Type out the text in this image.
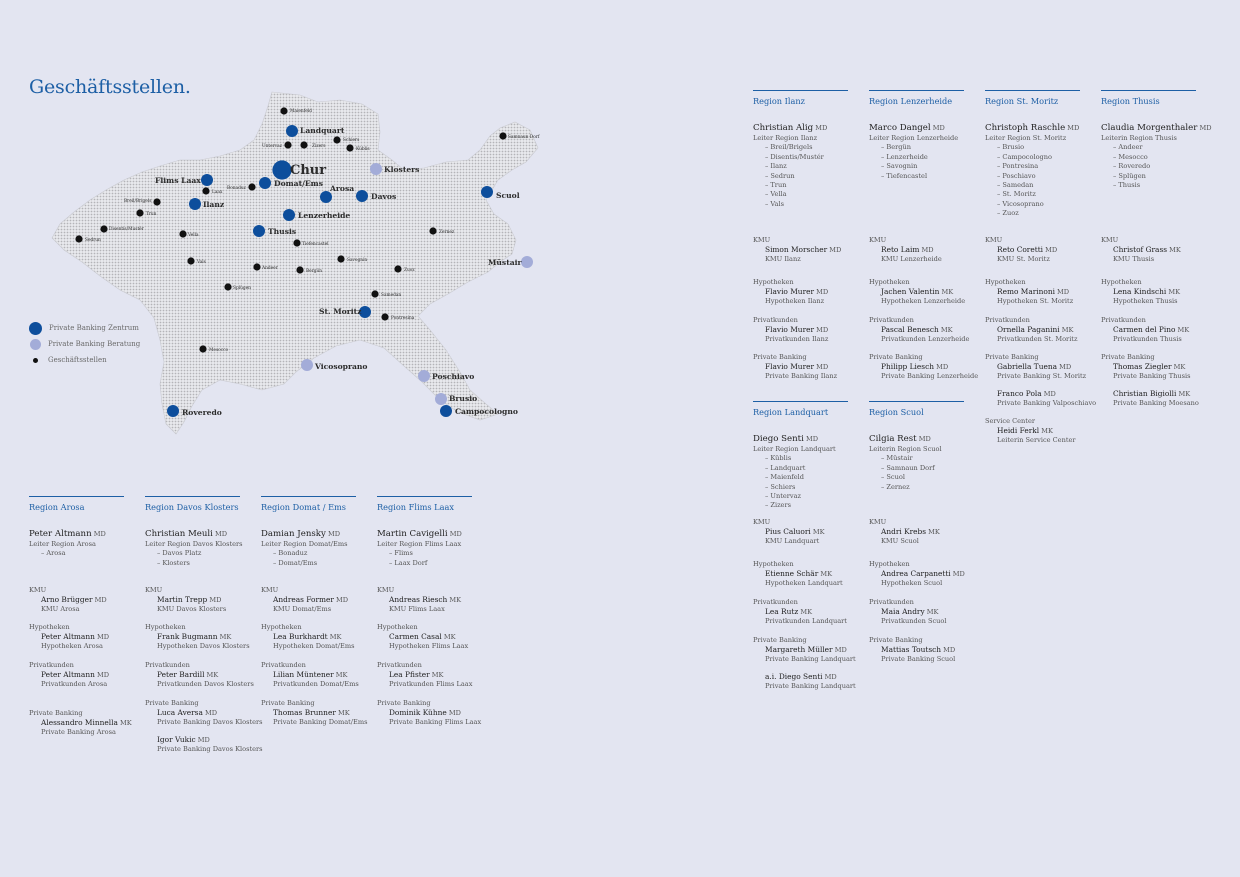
Geschäftsstellen.
Landquart
Chur
Flims Laax	Domat/Ems
Arosa
Davos
Ilanz
Lenzerheide
Thusis
Scuol
St. Moritz
Roveredo	Campocologno
Klosters
Müstair
Vicosoprano
Poschiavo
Brusio
Maienfeld
Untervaz	Zizers
Schiers
Küblis
Samnaun Dorf
Bonaduz
Laax
Breil/Brigels
Trun
Disentis/Mustér
Sedrun
Vella
Vals
Tiefencastel
Savognin
Bergün
Andeer
Mesocco
Splügen
Zernez
Zuoz
Samedan
Pontresina
Private Banking Zentrum
Private Banking Beratung
Geschäftsstellen
Region Arosa
Peter Altmann MD
Leiter Region Arosa
– Arosa
KMU
Arno Brügger MD
KMU Arosa
Hypotheken
Peter Altmann MD
Hypotheken Arosa
Privatkunden
Peter Altmann MD
Privatkunden Arosa
Private Banking
Alessandro Minnella MK
Private Banking Arosa
Region Davos Klosters
Christian Meuli MD
Leiter Region Davos Klosters
– Davos Platz
– Klosters
KMU
Martin Trepp MD
KMU Davos Klosters
Hypotheken
Frank Bugmann MK
Hypotheken Davos Klosters
Privatkunden
Peter Bardill MK
Privatkunden Davos Klosters
Private Banking
Luca Aversa MD
Private Banking Davos Klosters
Igor Vukic MD
Private Banking Davos Klosters
Region Domat / Ems
Damian Jensky MD
Leiter Region Domat/Ems
– Bonaduz
– Domat/Ems
KMU
Andreas Former MD
KMU Domat/Ems
Hypotheken
Lea Burkhardt MK
Hypotheken Domat/Ems
Privatkunden
Lilian Müntener MK
Privatkunden Domat/Ems
Private Banking
Thomas Brunner MK
Private Banking Domat/Ems
Region Flims Laax
Martin Cavigelli MD
Leiter Region Flims Laax
– Flims
– Laax Dorf
KMU
Andreas Riesch MK
KMU Flims Laax
Hypotheken
Carmen Casal MK
Hypotheken Flims Laax
Privatkunden
Lea Pfister MK
Privatkunden Flims Laax
Private Banking
Dominik Kühne MD
Private Banking Flims Laax
Region Ilanz
Christian Alig MD
Leiter Region Ilanz
– Breil/Brigels
– Disentis/Mustér
– Ilanz
– Sedrun
– Trun
– Vella
– Vals
KMU
Simon Morscher MD
KMU Ilanz
Hypotheken
Flavio Murer MD
Hypotheken Ilanz
Privatkunden
Flavio Murer MD
Privatkunden Ilanz
Private Banking
Flavio Murer MD
Private Banking Ilanz
Region Lenzerheide
Marco Dangel MD
Leiter Region Lenzerheide
– Bergün
– Lenzerheide
– Savognin
– Tiefencastel
KMU
Reto Laim MD
KMU Lenzerheide
Hypotheken
Jachen Valentin MK
Hypotheken Lenzerheide
Privatkunden
Pascal Benesch MK
Privatkunden Lenzerheide
Private Banking
Philipp Liesch MD
Private Banking Lenzerheide
Region St. Moritz
Christoph Raschle MD
Leiter Region St. Moritz
– Brusio
– Campocologno
– Pontresina
– Poschiavo
– Samedan
– St. Moritz
– Vicosoprano
– Zuoz
KMU
Reto Coretti MD
KMU St. Moritz
Hypotheken
Remo Marinoni MD
Hypotheken St. Moritz
Privatkunden
Ornella Paganini MK
Privatkunden St. Moritz
Private Banking
Gabriella Tuena MD
Private Banking St. Moritz
Franco Pola MD
Private Banking Valposchiavo
Service Center
Heidi Ferkl MK
Leiterin Service Center
Region Thusis
Claudia Morgenthaler MD
Leiterin Region Thusis
– Andeer
– Mesocco
– Roveredo
– Splügen
– Thusis
KMU
Christof Grass MK
KMU Thusis
Hypotheken
Lena Kindschi MK
Hypotheken Thusis
Privatkunden
Carmen del Pino MK
Privatkunden Thusis
Private Banking
Thomas Ziegler MK
Private Banking Thusis
Christian Bigiolli MK
Private Banking Moesano
Region Landquart
Diego Senti MD
Leiter Region Landquart
– Küblis
– Landquart
– Maienfeld
– Schiers
– Untervaz
– Zizers
KMU
Pius Caluori MK
KMU Landquart
Hypotheken
Etienne Schär MK
Hypotheken Landquart
Privatkunden
Lea Rutz MK
Privatkunden Landquart
Private Banking
Margareth Müller MD
Private Banking Landquart
a.i. Diego Senti MD
Private Banking Landquart
Region Scuol
Cilgia Rest MD
Leiterin Region Scuol
– Müstair
– Samnaun Dorf
– Scuol
– Zernez
KMU
Andri Krebs MK
KMU Scuol
Hypotheken
Andrea Carpanetti MD
Hypotheken Scuol
Privatkunden
Maia Andry MK
Privatkunden Scuol
Private Banking
Mattias Toutsch MD
Private Banking Scuol
